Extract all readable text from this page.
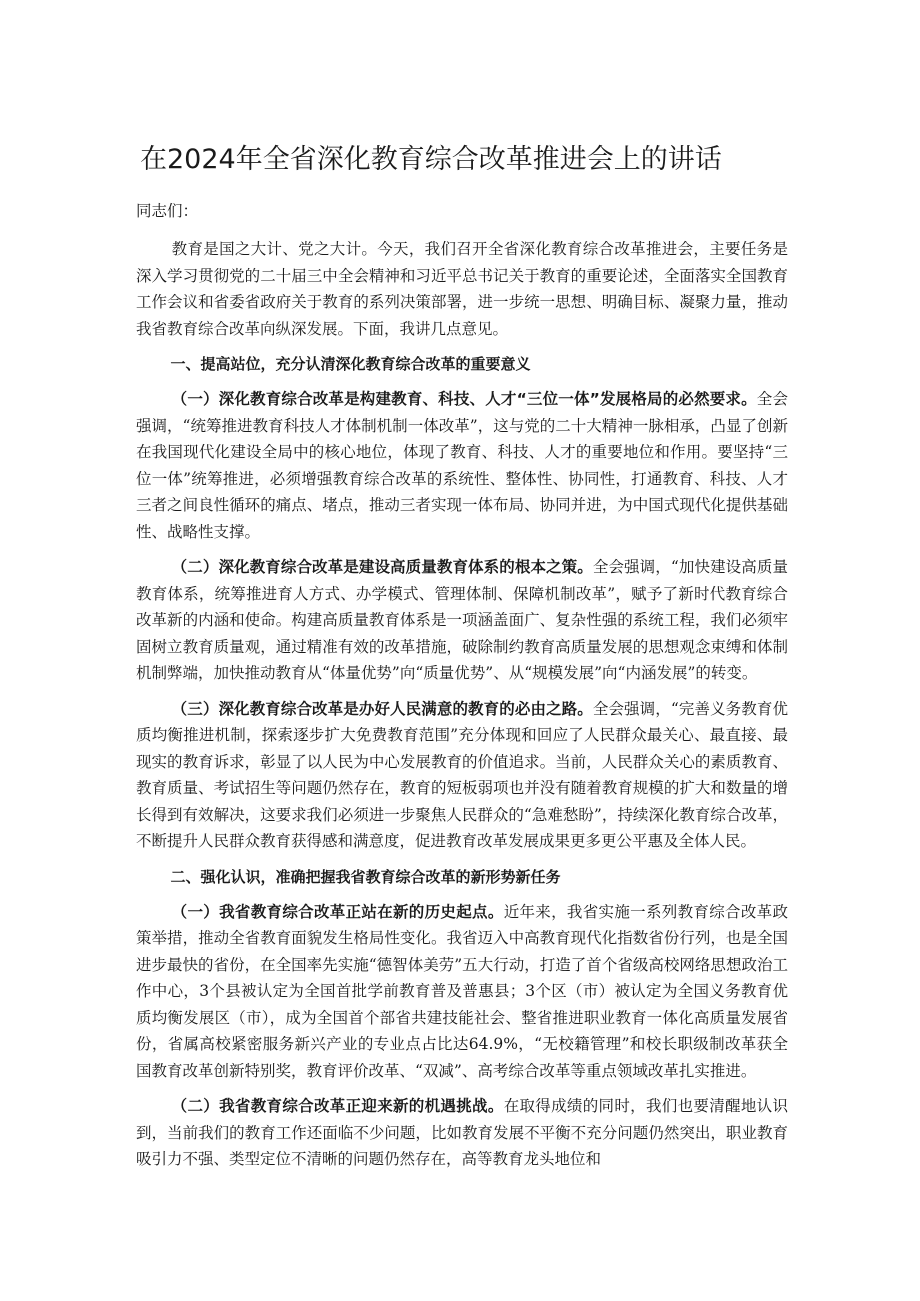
在2024年全省深化教育综合改革推进会上的讲话

同志们：

教育是国之大计、党之大计。今天，我们召开全省深化教育综合改革推进会，主要任务是深入学习贯彻党的二十届三中全会精神和习近平总书记关于教育的重要论述，全面落实全国教育工作会议和省委省政府关于教育的系列决策部署，进一步统一思想、明确目标、凝聚力量，推动我省教育综合改革向纵深发展。下面，我讲几点意见。

一、提高站位，充分认清深化教育综合改革的重要意义

（一）深化教育综合改革是构建教育、科技、人才“三位一体”发展格局的必然要求。全会强调，“统筹推进教育科技人才体制机制一体改革”，这与党的二十大精神一脉相承，凸显了创新在我国现代化建设全局中的核心地位，体现了教育、科技、人才的重要地位和作用。要坚持“三位一体”统筹推进，必须增强教育综合改革的系统性、整体性、协同性，打通教育、科技、人才三者之间良性循环的痛点、堵点，推动三者实现一体布局、协同并进，为中国式现代化提供基础性、战略性支撑。

（二）深化教育综合改革是建设高质量教育体系的根本之策。全会强调，“加快建设高质量教育体系，统筹推进育人方式、办学模式、管理体制、保障机制改革”，赋予了新时代教育综合改革新的内涵和使命。构建高质量教育体系是一项涵盖面广、复杂性强的系统工程，我们必须牢固树立教育质量观，通过精准有效的改革措施，破除制约教育高质量发展的思想观念束缚和体制机制弊端，加快推动教育从“体量优势”向“质量优势”、从“规模发展”向“内涵发展”的转变。

（三）深化教育综合改革是办好人民满意的教育的必由之路。全会强调，“完善义务教育优质均衡推进机制，探索逐步扩大免费教育范围”充分体现和回应了人民群众最关心、最直接、最现实的教育诉求，彰显了以人民为中心发展教育的价值追求。当前，人民群众关心的素质教育、教育质量、考试招生等问题仍然存在，教育的短板弱项也并没有随着教育规模的扩大和数量的增长得到有效解决，这要求我们必须进一步聚焦人民群众的“急难愁盼”，持续深化教育综合改革，不断提升人民群众教育获得感和满意度，促进教育改革发展成果更多更公平惠及全体人民。

二、强化认识，准确把握我省教育综合改革的新形势新任务

（一）我省教育综合改革正站在新的历史起点。近年来，我省实施一系列教育综合改革政策举措，推动全省教育面貌发生格局性变化。我省迈入中高教育现代化指数省份行列，也是全国进步最快的省份，在全国率先实施“德智体美劳”五大行动，打造了首个省级高校网络思想政治工作中心，3个县被认定为全国首批学前教育普及普惠县；3个区（市）被认定为全国义务教育优质均衡发展区（市），成为全国首个部省共建技能社会、整省推进职业教育一体化高质量发展省份，省属高校紧密服务新兴产业的专业点占比达64.9%，“无校籍管理”和校长职级制改革获全国教育改革创新特别奖，教育评价改革、“双减”、高考综合改革等重点领域改革扎实推进。

（二）我省教育综合改革正迎来新的机遇挑战。在取得成绩的同时，我们也要清醒地认识到，当前我们的教育工作还面临不少问题，比如教育发展不平衡不充分问题仍然突出，职业教育吸引力不强、类型定位不清晰的问题仍然存在，高等教育龙头地位和
